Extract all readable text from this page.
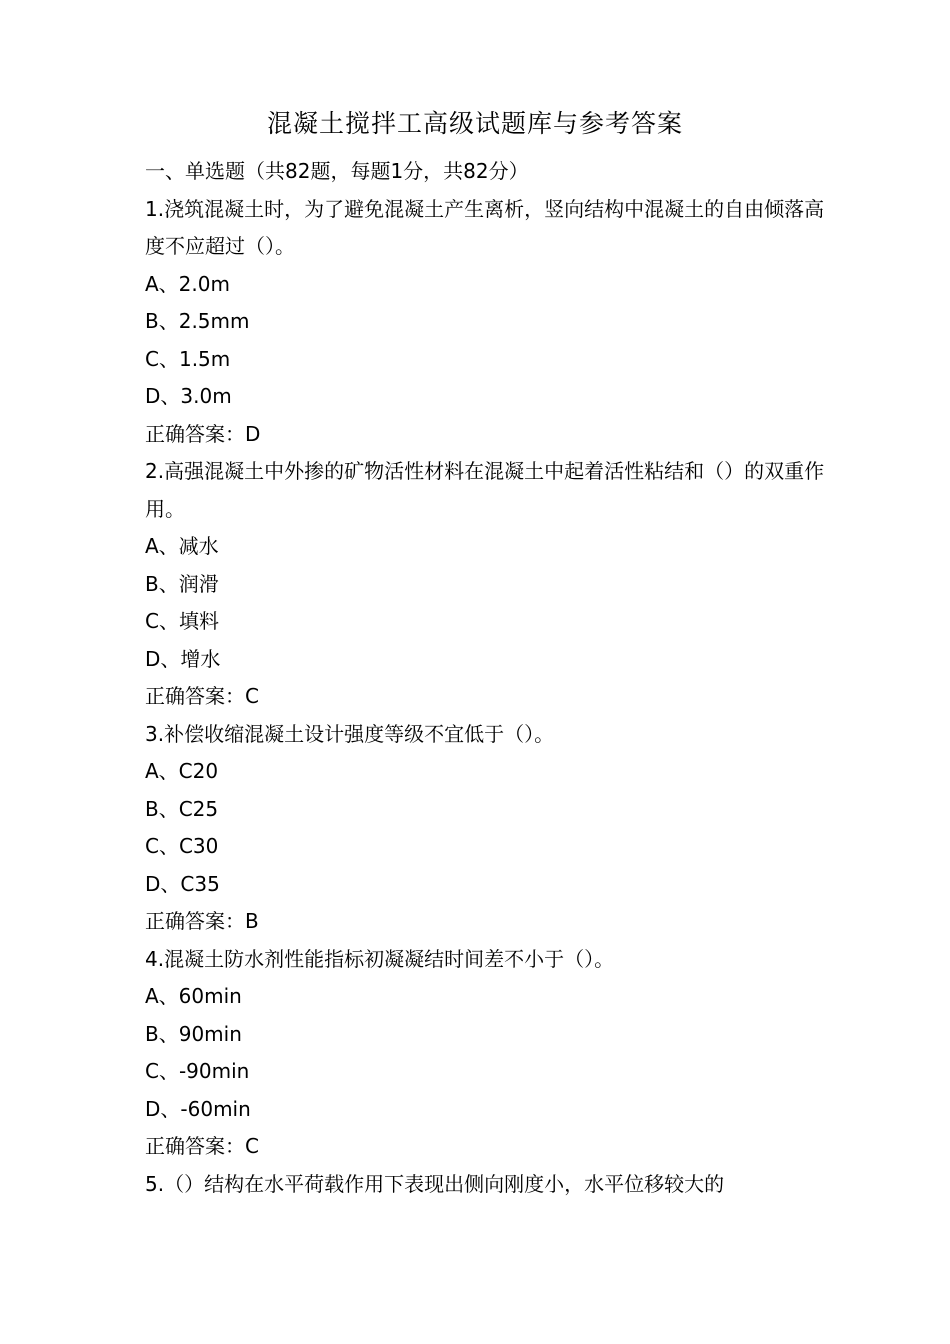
混凝土搅拌工高级试题库与参考答案
一、单选题（共82题，每题1分，共82分）
1.浇筑混凝土时，为了避免混凝土产生离析，竖向结构中混凝土的自由倾落高度不应超过（）。
A、2.0m
B、2.5mm
C、1.5m
D、3.0m
正确答案：D
2.高强混凝土中外掺的矿物活性材料在混凝土中起着活性粘结和（）的双重作用。
A、减水
B、润滑
C、填料
D、增水
正确答案：C
3.补偿收缩混凝土设计强度等级不宜低于（）。
A、C20
B、C25
C、C30
D、C35
正确答案：B
4.混凝土防水剂性能指标初凝凝结时间差不小于（）。
A、60min
B、90min
C、-90min
D、-60min
正确答案：C
5.（）结构在水平荷载作用下表现出侧向刚度小，水平位移较大的
